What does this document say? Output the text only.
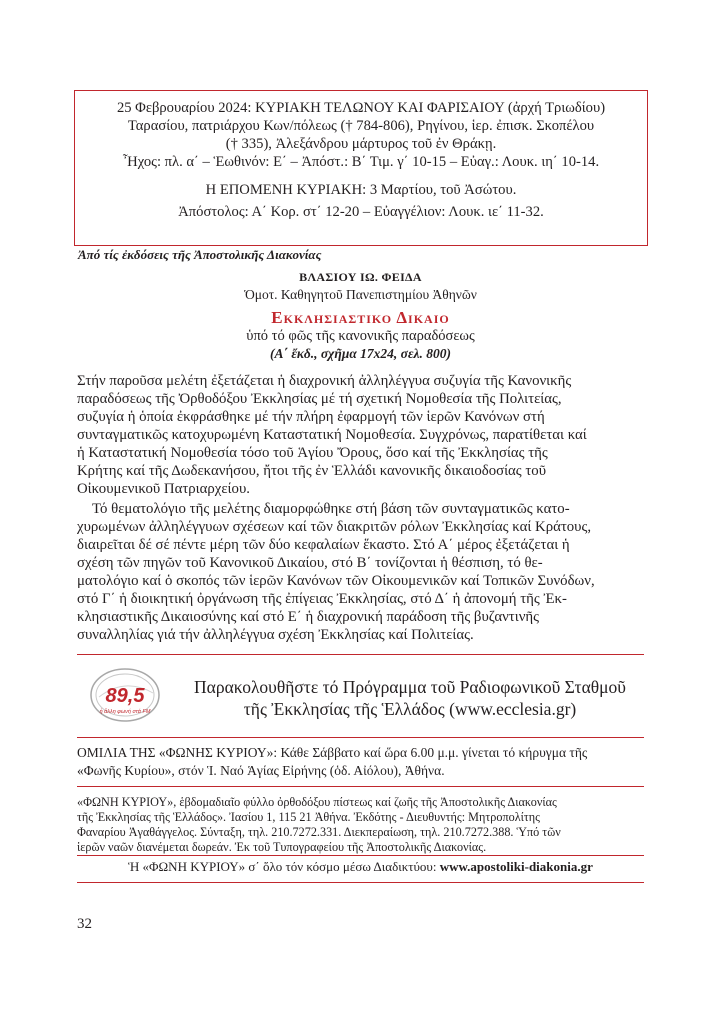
25 Φεβρουαρίου 2024: ΚΥΡΙΑΚΗ ΤΕΛΩΝΟΥ ΚΑΙ ΦΑΡΙΣΑΙΟΥ (ἀρχή Τριωδίου)
Ταρασίου, πατριάρχου Κων/πόλεως († 784-806), Ρηγίνου, ἱερ. ἐπισκ. Σκοπέλου
(† 335), Ἀλεξάνδρου μάρτυρος τοῦ ἐν Θράκῃ.
Ἦχος: πλ. α΄ – Ἑωθινόν: Ε΄ – Ἀπόστ.: Β΄ Τιμ. γ΄ 10-15 – Εὐαγ.: Λουκ. ιη΄ 10-14.
Η ΕΠΟΜΕΝΗ ΚΥΡΙΑΚΗ: 3 Μαρτίου, τοῦ Ἀσώτου.
Ἀπόστολος: Α΄ Κορ. στ΄ 12-20 – Εὐαγγέλιον: Λουκ. ιε΄ 11-32.
Ἀπό τίς ἐκδόσεις τῆς Ἀποστολικῆς Διακονίας
ΒΛΑΣΙΟΥ ΙΩ. ΦΕΙΔΑ
Ὁμοτ. Καθηγητοῦ Πανεπιστημίου Ἀθηνῶν
Εκκλησιαστικο Δικαιο
ὑπό τό φῶς τῆς κανονικῆς παραδόσεως
(Α΄ ἔκδ., σχῆμα 17x24, σελ. 800)
Στήν παροῦσα μελέτη ἐξετάζεται ἡ διαχρονική ἀλληλέγγυα συζυγία τῆς Κανονικῆς
παραδόσεως τῆς Ὀρθοδόξου Ἐκκλησίας μέ τή σχετική Νομοθεσία τῆς Πολιτείας,
συζυγία ἡ ὁποία ἐκφράσθηκε μέ τήν πλήρη ἐφαρμογή τῶν ἱερῶν Κανόνων στή
συνταγματικῶς κατοχυρωμένη Καταστατική Νομοθεσία. Συγχρόνως, παρατίθεται καί
ἡ Καταστατική Νομοθεσία τόσο τοῦ Ἁγίου Ὄρους, ὅσο καί τῆς Ἐκκλησίας τῆς
Κρήτης καί τῆς Δωδεκανήσου, ἤτοι τῆς ἐν Ἑλλάδι κανονικῆς δικαιοδοσίας τοῦ
Οἰκουμενικοῦ Πατριαρχείου.
Τό θεματολόγιο τῆς μελέτης διαμορφώθηκε στή βάση τῶν συνταγματικῶς κατο-
χυρωμένων ἀλληλέγγυων σχέσεων καί τῶν διακριτῶν ρόλων Ἐκκλησίας καί Κράτους,
διαιρεῖται δέ σέ πέντε μέρη τῶν δύο κεφαλαίων ἕκαστο. Στό Α΄ μέρος ἐξετάζεται ἡ
σχέση τῶν πηγῶν τοῦ Κανονικοῦ Δικαίου, στό Β΄ τονίζονται ἡ θέσπιση, τό θε-
ματολόγιο καί ὁ σκοπός τῶν ἱερῶν Κανόνων τῶν Οἰκουμενικῶν καί Τοπικῶν Συνόδων,
στό Γ΄ ἡ διοικητική ὀργάνωση τῆς ἐπίγειας Ἐκκλησίας, στό Δ΄ ἡ ἀπονομή τῆς Ἐκ-
κλησιαστικῆς Δικαιοσύνης καί στό Ε΄ ἡ διαχρονική παράδοση τῆς βυζαντινῆς
συναλληλίας γιά τήν ἀλληλέγγυα σχέση Ἐκκλησίας καί Πολιτείας.
89,5
ἡ ἄλλη φωνή στά FM
Παρακολουθῆστε τό Πρόγραμμα τοῦ Ραδιοφωνικοῦ Σταθμοῦ
τῆς Ἐκκλησίας τῆς Ἑλλάδος (www.ecclesia.gr)
ΟΜΙΛΙΑ ΤΗΣ «ΦΩΝΗΣ ΚΥΡΙΟΥ»: Κάθε Σάββατο καί ὥρα 6.00 μ.μ. γίνεται τό κήρυγμα τῆς
«Φωνῆς Κυρίου», στόν Ἱ. Ναό Ἁγίας Εἰρήνης (ὁδ. Αἰόλου), Ἀθήνα.
«ΦΩΝΗ ΚΥΡΙΟΥ», ἑβδομαδιαῖο φύλλο ὀρθοδόξου πίστεως καί ζωῆς τῆς Ἀποστολικῆς Διακονίας
τῆς Ἐκκλησίας τῆς Ἑλλάδος». Ἰασίου 1, 115 21 Ἀθήνα. Ἐκδότης - Διευθυντής: Μητροπολίτης
Φαναρίου Ἀγαθάγγελος. Σύνταξη, τηλ. 210.7272.331. Διεκπεραίωση, τηλ. 210.7272.388. Ὑπό τῶν
ἱερῶν ναῶν διανέμεται δωρεάν. Ἐκ τοῦ Τυπογραφείου τῆς Ἀποστολικῆς Διακονίας.
Ἡ «ΦΩΝΗ ΚΥΡΙΟΥ» σ΄ ὅλο τόν κόσμο μέσω Διαδικτύου: www.apostoliki-diakonia.gr
32
